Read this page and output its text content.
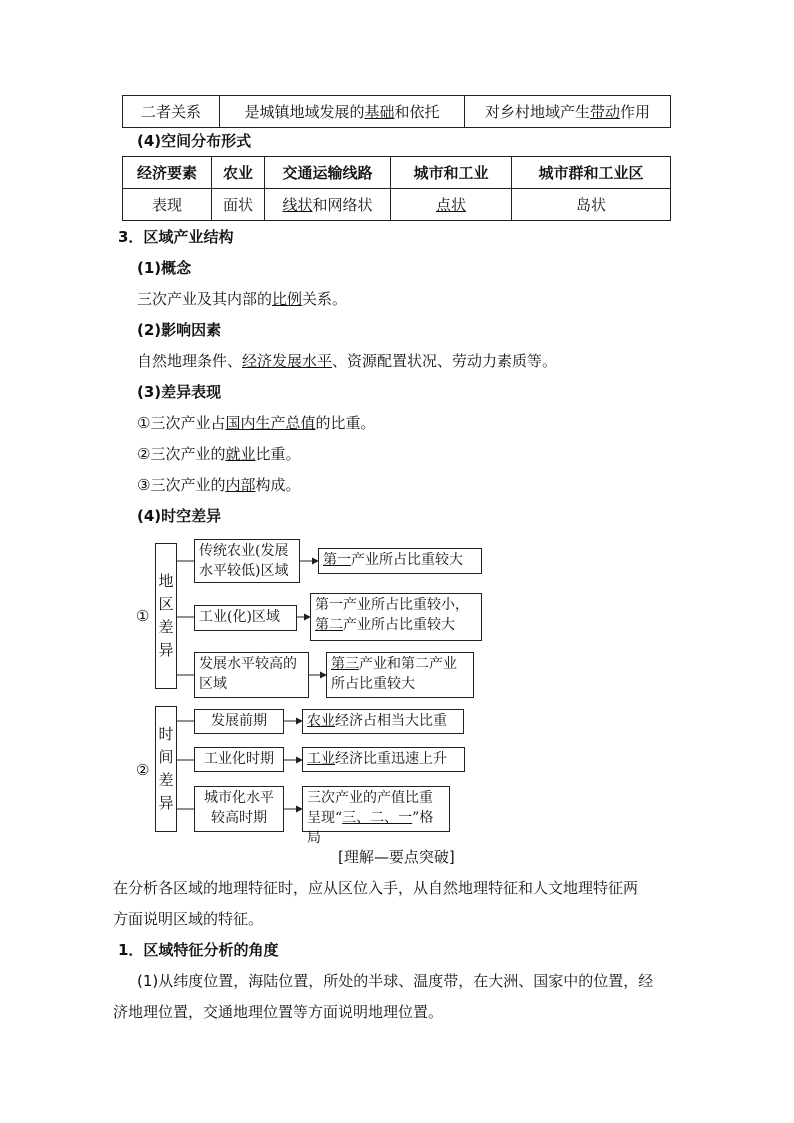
二者关系	是城镇地域发展的基础和依托	对乡村地域产生带动作用
(4)空间分布形式
经济要素	农业	交通运输线路	城市和工业	城市群和工业区
表现	面状	线状和网络状	点状	岛状
3．区域产业结构
(1)概念
三次产业及其内部的比例关系。
(2)影响因素
自然地理条件、经济发展水平、资源配置状况、劳动力素质等。
(3)差异表现
①三次产业占国内生产总值的比重。
②三次产业的就业比重。
③三次产业的内部构成。
(4)时空差异
①
地
区
差
异
传统农业(发展
水平较低)区域
第一产业所占比重较大
工业(化)区域
第一产业所占比重较小，
第二产业所占比重较大
发展水平较高的
区域
第三产业和第二产业
所占比重较大
②
时
间
差
异
发展前期	农业经济占相当大比重
工业化时期	工业经济比重迅速上升
城市化水平
较高时期
三次产业的产值比重
呈现“三、二、一”格局
[理解—要点突破]
在分析各区域的地理特征时，应从区位入手，从自然地理特征和人文地理特征两
方面说明区域的特征。
1．区域特征分析的角度
(1)从纬度位置，海陆位置，所处的半球、温度带，在大洲、国家中的位置，经
济地理位置，交通地理位置等方面说明地理位置。
